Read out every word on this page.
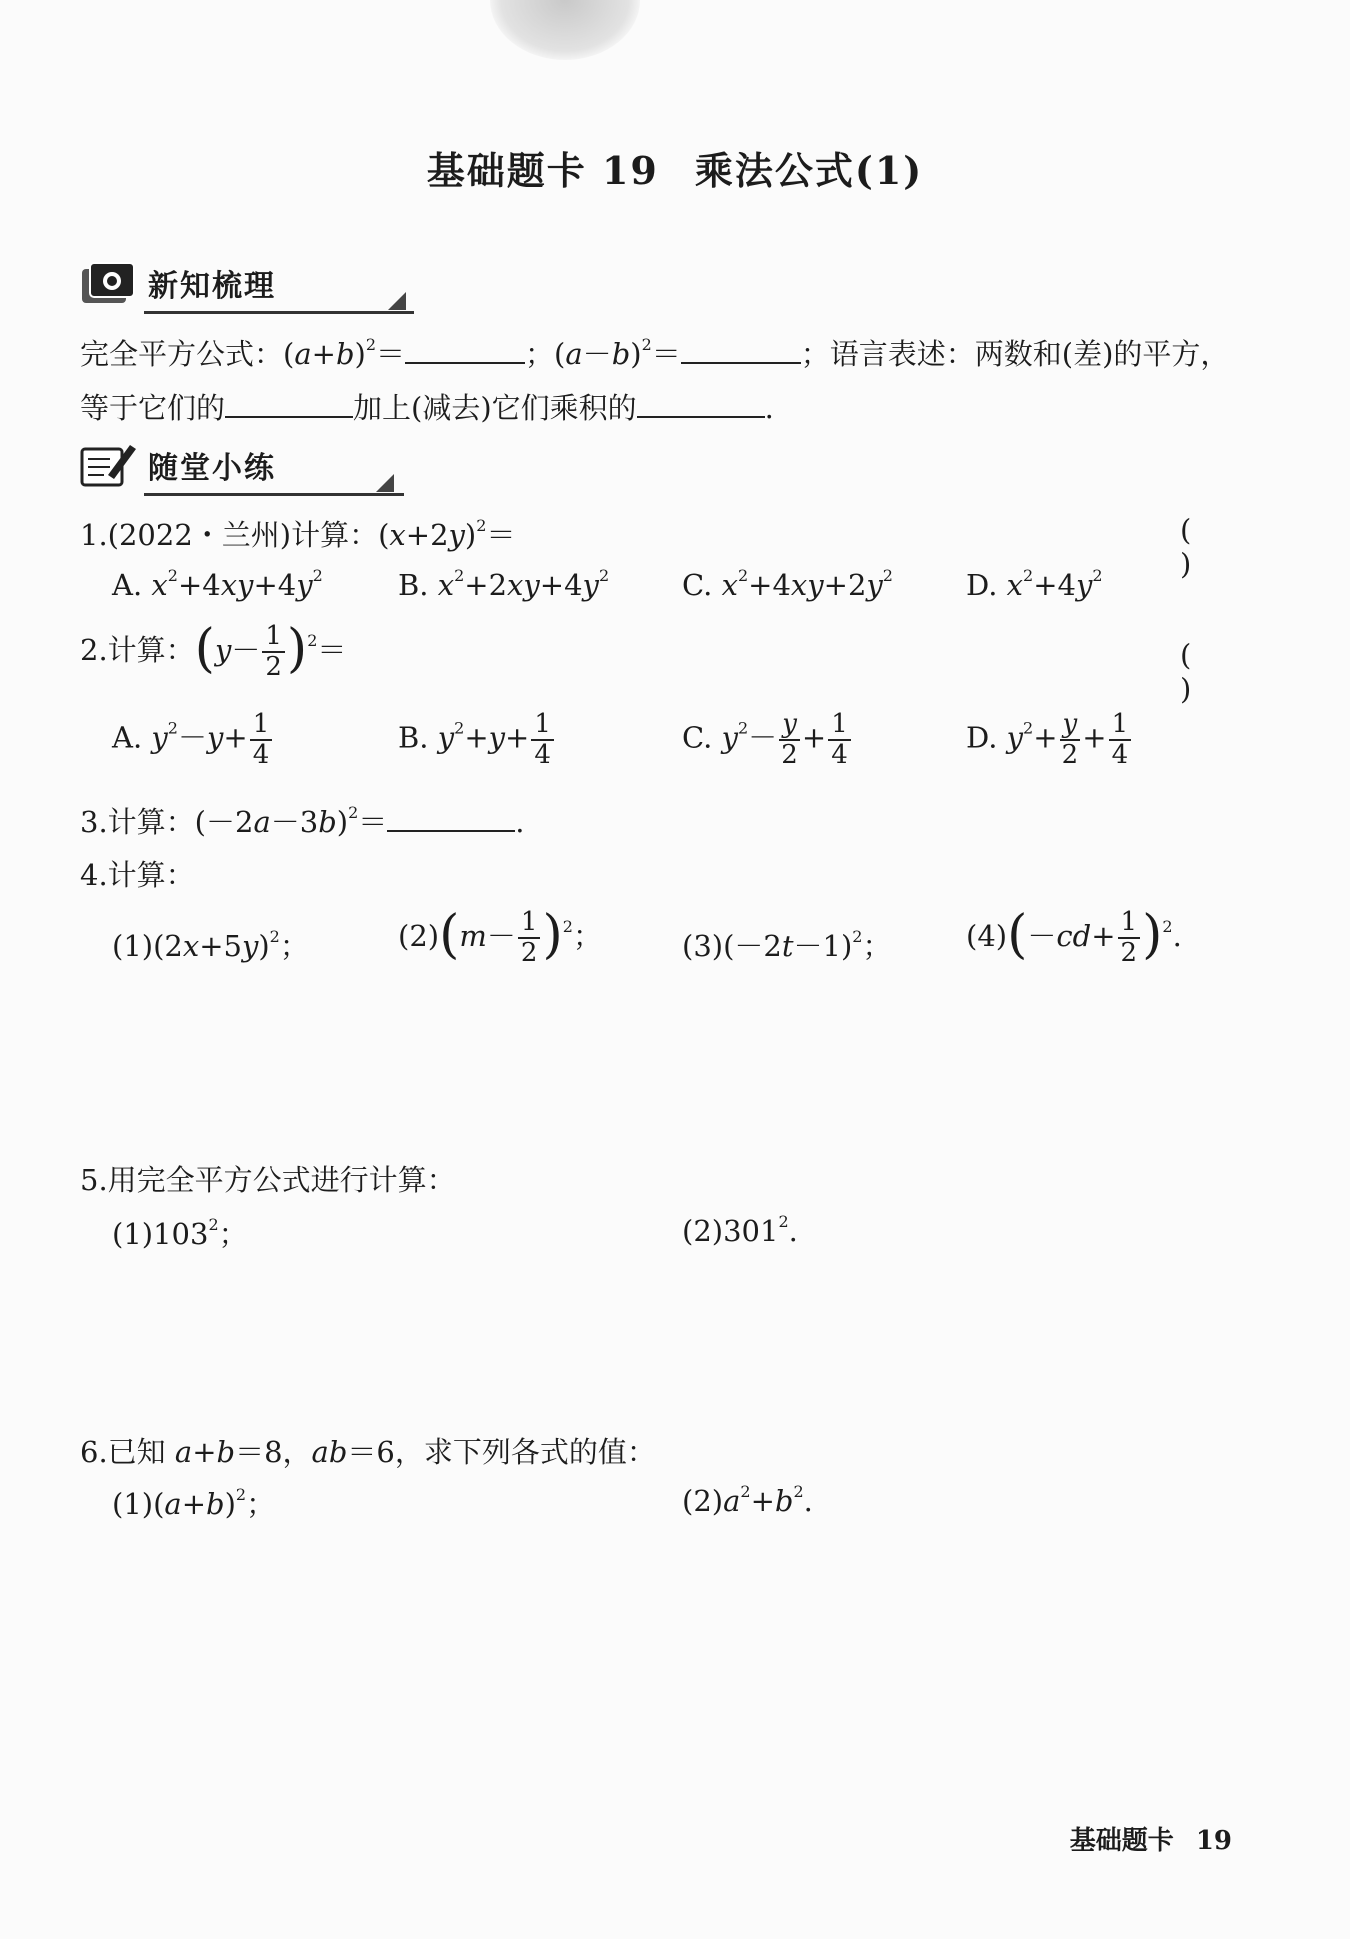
基础题卡 19 乘法公式(1)
新知梳理
完全平方公式：$(a+b)^2=$	；$(a-b)^2=$	；语言表述：两数和(差)的平方，
等于它们的	加上(减去)它们乘积的	.
随堂小练
1.(2022・兰州)计算：$(x+2y)^2=$	( )
A. $x^2+4xy+4y^2$	B. $x^2+2xy+4y^2$	C. $x^2+4xy+2y^2$	D. $x^2+4y^2$
2.计算：$(y- \frac{1}{2} )^2=$	( )
A. $y^2-y+ \frac{1}{4}$	B. $y^2+y+ \frac{1}{4}$	C. $y^2- \frac{y}{2} + \frac{1}{4}$	D. $y^2+ \frac{y}{2} + \frac{1}{4}$
3.计算：$(-2a-3b)^2=$	.
4.计算：
$(1)(2x+5y)^2$；	$(2)(m- \frac{1}{2} )^2$；	$(3)(-2t-1)^2$；	$(4)(-cd+ \frac{1}{2} )^2$.
5.用完全平方公式进行计算：
$(1)103^2$；	$(2)301^2$.
6.已知 a+b＝8，ab＝6，求下列各式的值：
$(1)(a+b)^2$；	$(2)a^2+b^2$.
基础题卡 19
